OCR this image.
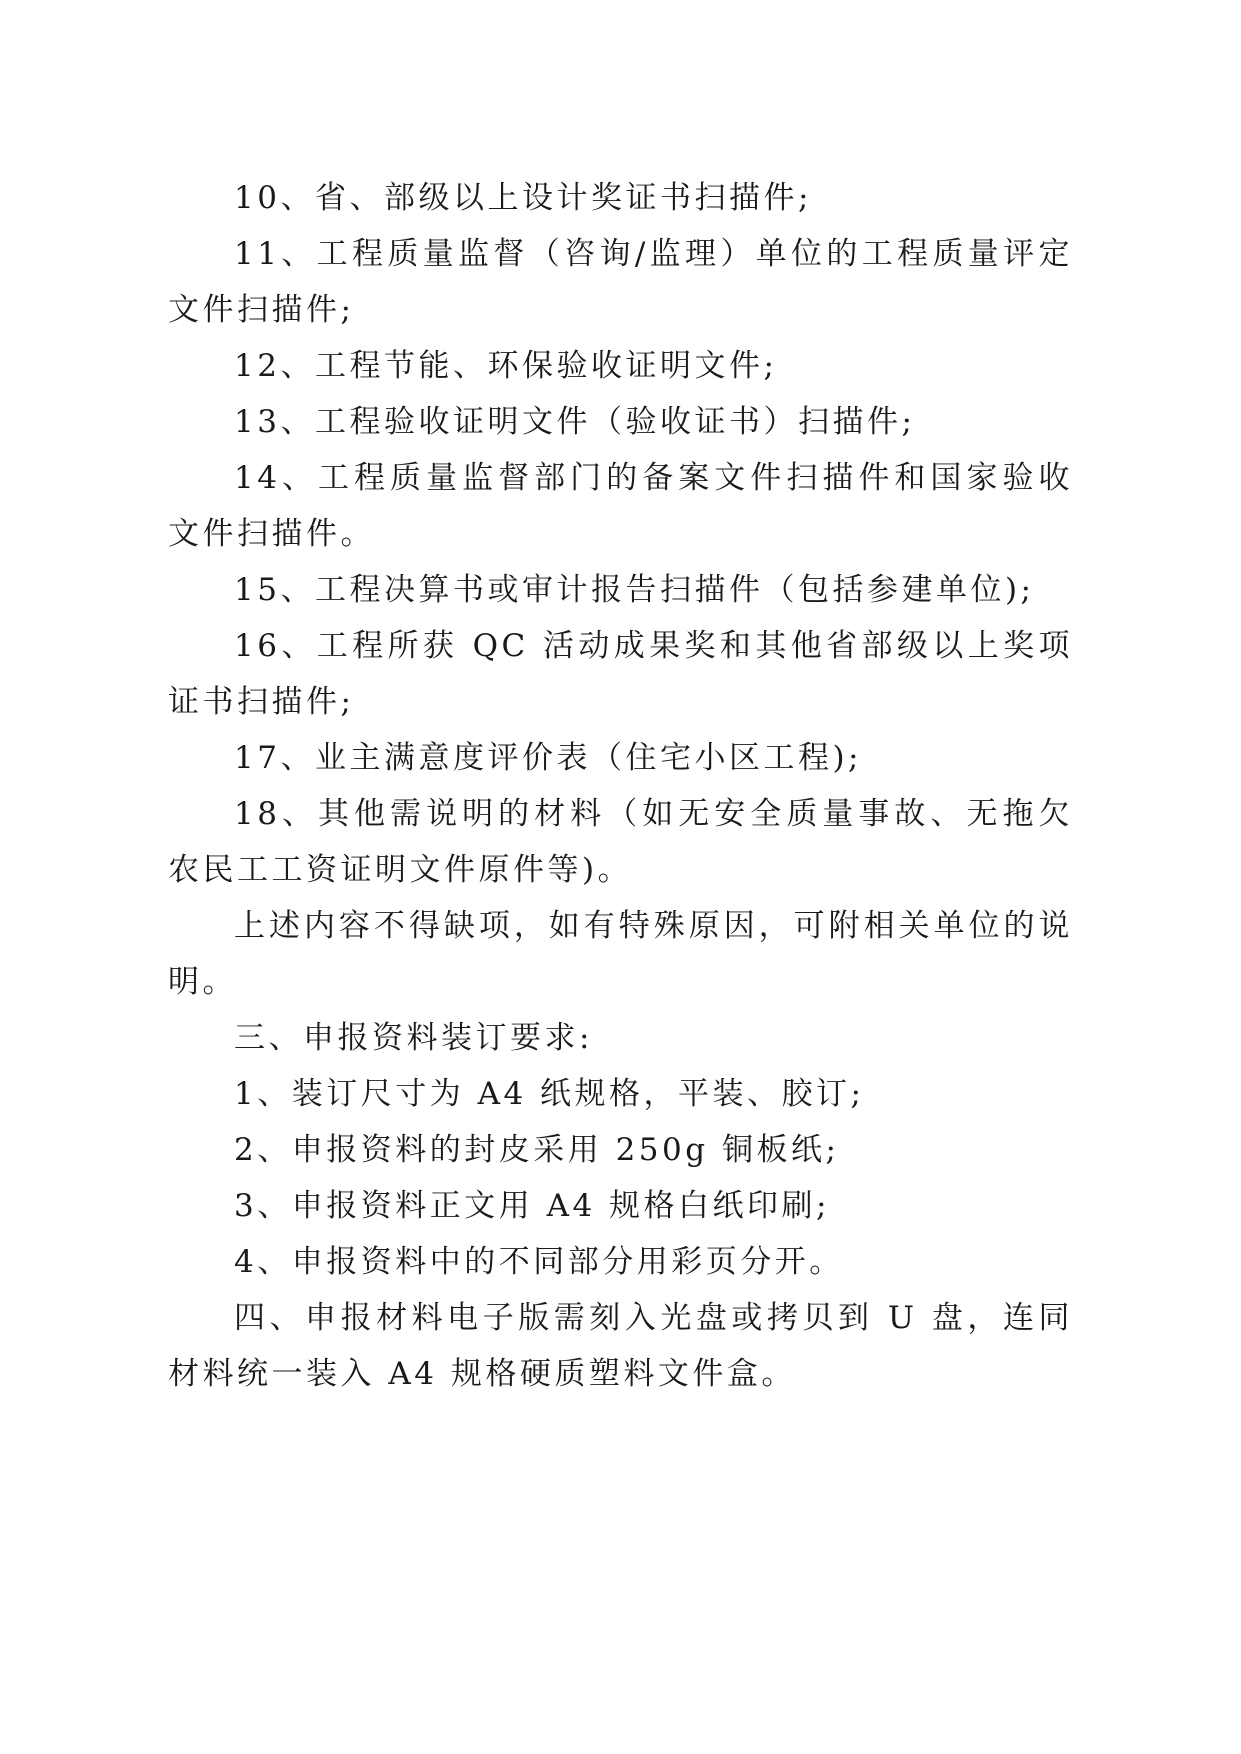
10、省、部级以上设计奖证书扫描件;

11、工程质量监督（咨询/监理）单位的工程质量评定文件扫描件;

12、工程节能、环保验收证明文件;

13、工程验收证明文件（验收证书）扫描件;

14、工程质量监督部门的备案文件扫描件和国家验收文件扫描件。

15、工程决算书或审计报告扫描件（包括参建单位);

16、工程所获 QC 活动成果奖和其他省部级以上奖项证书扫描件;

17、业主满意度评价表（住宅小区工程);

18、其他需说明的材料（如无安全质量事故、无拖欠农民工工资证明文件原件等)。

上述内容不得缺项，如有特殊原因，可附相关单位的说明。

三、申报资料装订要求:

1、装订尺寸为 A4 纸规格，平装、胶订;

2、申报资料的封皮采用 250g 铜板纸;

3、申报资料正文用 A4 规格白纸印刷;

4、申报资料中的不同部分用彩页分开。

四、申报材料电子版需刻入光盘或拷贝到 U 盘，连同材料统一装入 A4 规格硬质塑料文件盒。
